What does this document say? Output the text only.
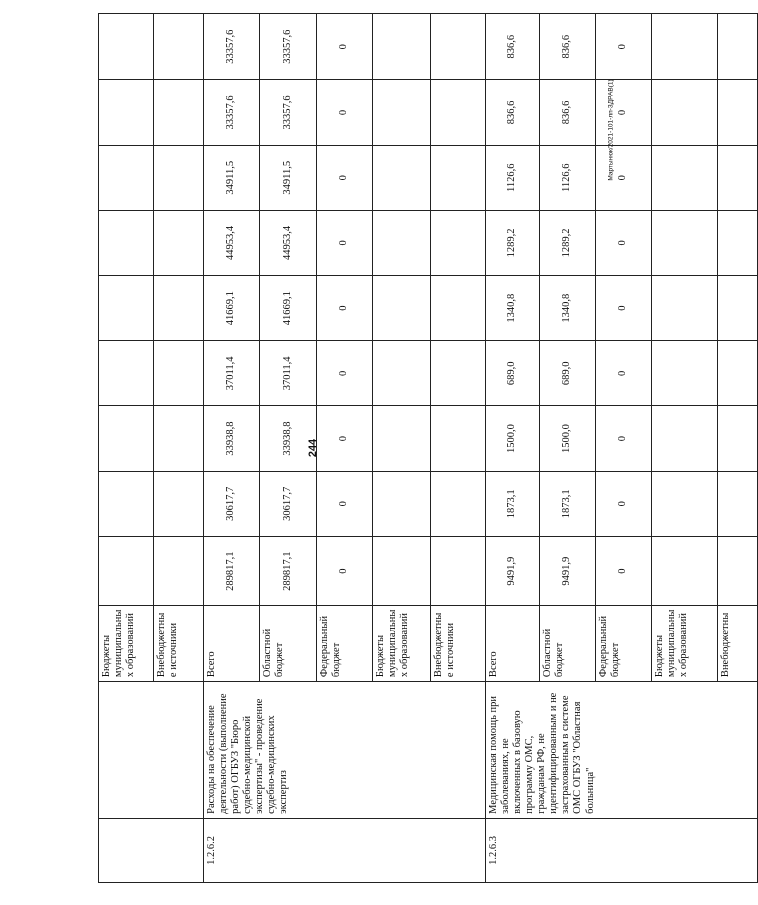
244
Мартынюк/2021-101-лп-ЗДРАВ(1)
		Бюджеты муниципальны х образований									
		Внебюджетны е источники									
1.2.6.2	Расходы на обеспечение деятельности (выполнение работ) ОГБУЗ "Бюро судебно-медицинской экспертизы" - проведение судебно-медицинских экспертиз	Всего	289817,1	30617,7	33938,8	37011,4	41669,1	44953,4	34911,5	33357,6	33357,6
		Областной бюджет	289817,1	30617,7	33938,8	37011,4	41669,1	44953,4	34911,5	33357,6	33357,6
		Федеральный бюджет	0	0	0	0	0	0	0	0	0
		Бюджеты муниципальны х образований									
		Внебюджетны е источники									
1.2.6.3	Медицинская помощь при заболеваниях, не включенных в базовую программу ОМС, гражданам РФ, не идентифицированным и не застрахованным в системе ОМС ОГБУЗ "Областная больница"	Всего	9491,9	1873,1	1500,0	689,0	1340,8	1289,2	1126,6	836,6	836,6
		Областной бюджет	9491,9	1873,1	1500,0	689,0	1340,8	1289,2	1126,6	836,6	836,6
		Федеральный бюджет	0	0	0	0	0	0	0	0	0
		Бюджеты муниципальны х образований									
		Внебюджетны									
